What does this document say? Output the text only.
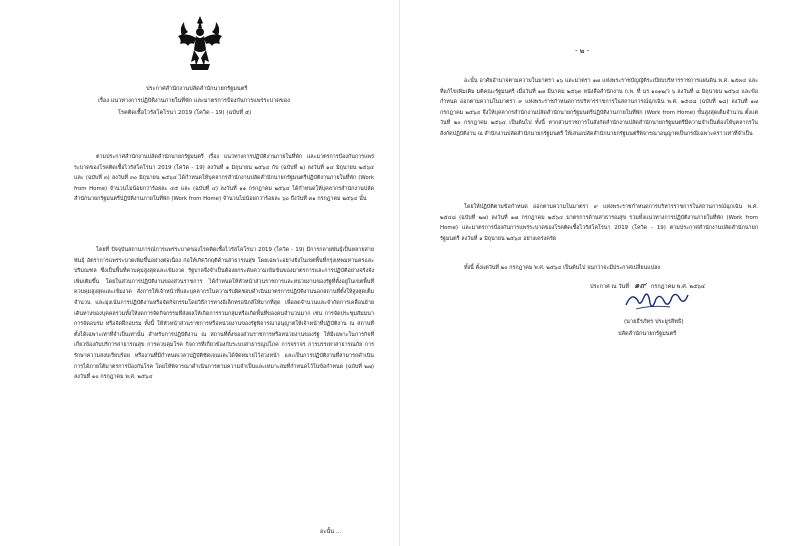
ประกาศสำนักงานปลัดสำนักนายกรัฐมนตรี
เรื่อง แนวทางการปฏิบัติงานภายในที่พัก และมาตรการป้องกันการแพร่ระบาดของ
โรคติดเชื้อไวรัสโคโรนา 2019 (โควิด - 19) (ฉบับที่ ๕)
ตามประกาศสำนักงานปลัดสำนักนายกรัฐมนตรี เรื่อง แนวทางการปฏิบัติงานภายในที่พัก และมาตรการป้องกันการแพร่ระบาดของโรคติดเชื้อไวรัสโคโรนา 2019 (โควิด - 19) ลงวันที่ ๑ มิถุนายน ๒๕๖๔ กับ (ฉบับที่ ๒) ลงวันที่ ๑๔ มิถุนายน ๒๕๖๔ และ (ฉบับที่ ๓) ลงวันที่ ๓๐ มิถุนายน ๒๕๖๔ ได้กำหนดให้บุคลากรสำนักงานปลัดสำนักนายกรัฐมนตรีปฏิบัติงานภายในที่พัก (Work from Home) จำนวนไม่น้อยกว่าร้อยละ ๔๕ และ (ฉบับที่ ๔) ลงวันที่ ๑๑ กรกฎาคม ๒๕๖๔ ได้กำหนดให้บุคลากรสำนักงานปลัดสำนักนายกรัฐมนตรีปฏิบัติงานภายในที่พัก (Work from Home) จำนวนไม่น้อยกว่าร้อยละ ๖๐ ถึงวันที่ ๓๑ กรกฎาคม ๒๕๖๔ นั้น
โดยที่ ปัจจุบันสถานการณ์การแพร่ระบาดของโรคติดเชื้อไวรัสโคโรนา 2019 (โควิด - 19) มีการกลายพันธุ์เป็นหลายสายพันธุ์ อัตราการแพร่ระบาดเพิ่มขึ้นอย่างต่อเนื่อง ก่อให้เกิดวิกฤติด้านสาธารณสุข โดยเฉพาะอย่างยิ่งในเขตพื้นที่กรุงเทพมหานครและปริมณฑล ซึ่งเป็นพื้นที่ควบคุมสูงสุดและเข้มงวด รัฐบาลจึงจำเป็นต้องยกระดับความเข้มข้นของมาตรการและการปฏิบัติอย่างจริงจังเพิ่มเติมขึ้น โดยในส่วนการปฏิบัติงานของส่วนราชการ ได้กำหนดให้หัวหน้าส่วนราชการและหน่วยงานของรัฐที่ตั้งอยู่ในเขตพื้นที่ควบคุมสูงสุดและเข้มงวด สั่งการให้เจ้าหน้าที่และบุคลากรในความรับผิดชอบดำเนินมาตรการปฏิบัติงานนอกสถานที่ตั้งให้สูงสุดเต็มจำนวน และมุ่งเน้นการปฏิบัติงานหรือจัดกิจกรรมโดยวิธีการทางอิเล็กทรอนิกส์ให้มากที่สุด เพื่อลดจำนวนและจำกัดการเคลื่อนย้ายเดินทางของบุคคลรวมทั้งให้งดการจัดกิจกรรมที่ส่งผลให้เกิดการรวมกลุ่มหรือเกิดพื้นที่ของคนจำนวนมาก เช่น การจัดประชุมสัมมนา การจัดอบรม หรือจัดฝึกอบรม ทั้งนี้ ให้หัวหน้าส่วนราชการหรือหน่วยงานของรัฐพิจารณาอนุญาตให้เจ้าหน้าที่ปฏิบัติงาน ณ สถานที่ตั้งได้เฉพาะเท่าที่จำเป็นเท่านั้น สำหรับการปฏิบัติงาน ณ สถานที่ตั้งของส่วนราชการหรือหน่วยงานของรัฐ ให้มีเฉพาะในการกิจที่เกี่ยวข้องกับบริการสาธารณสุข การควบคุมโรค กิจการที่เกี่ยวข้องกับระบบสาธารณูปโภค การจราจร การบรรเทาสาธารณภัย การรักษาความสงบเรียบร้อย หรืองานที่มีกำหนดเวลาปฏิบัติชัดเจนและได้จัดหมายไว้ล่วงหน้า และเป็นการปฏิบัติงานที่สามารถดำเนินการได้ภายใต้มาตรการป้องกันโรค โดยให้พิจารณาดำเนินการตามความจำเป็นและเหมาะสมที่กำหนดไว้ในข้อกำหนด (ฉบับที่ ๒๗) ลงวันที่ ๑๐ กรกฎาคม พ.ศ. ๒๕๖๔
อะนั้น ...
- ๒ -
อะนั้น อาศัยอำนาจตามความในมาตรา ๑๖ และมาตรา ๑๗ แห่งพระราชบัญญัติระเบียบบริหารราชการแผ่นดิน พ.ศ. ๒๕๓๔ และที่แก้ไขเพิ่มเติม มติคณะรัฐมนตรี เมื่อวันที่ ๑๗ มีนาคม ๒๕๖๓ หนังสือสำนักงาน ก.พ. ที่ นร ๑๐๑๒/ว ๖ ลงวันที่ ๘ มิถุนายน ๒๕๖๔ และข้อกำหนด ออกตามความในมาตรา ๙ แห่งพระราชกำหนดการบริหารราชการในสถานการณ์ฉุกเฉิน พ.ศ. ๒๕๔๘ (ฉบับที่ ๒๘) ลงวันที่ ๑๗ กรกฎาคม ๒๕๖๔ จึงให้บุคลากรสำนักงานปลัดสำนักนายกรัฐมนตรีปฏิบัติงานภายในที่พัก (Work from Home) ขั้นสูงสุดเต็มจำนวน ตั้งแต่วันที่ ๒๐ กรกฎาคม ๒๕๖๔ เป็นต้นไป ทั้งนี้ หากส่วนราชการในสังกัดสำนักงานปลัดสำนักนายกรัฐมนตรีมีความจำเป็นต้องให้บุคลากรในสังกัดปฏิบัติงาน ณ สำนักงานปลัดสำนักนายกรัฐมนตรี ให้เสนอปลัดสำนักนายกรัฐมนตรีพิจารณาอนุญาตเป็นกรณีเฉพาะคราวเท่าที่จำเป็น
โดยให้ปฏิบัติตามข้อกำหนด ออกตามความในมาตรา ๙ แห่งพระราชกำหนดการบริหารราชการในสถานการณ์ฉุกเฉิน พ.ศ. ๒๕๔๘ (ฉบับที่ ๒๗) ลงวันที่ ๑๗ กรกฎาคม ๒๕๖๔ มาตรการด้านสาธารณสุข รวมทั้งแนวทางการปฏิบัติงานภายในที่พัก (Work from Home) และมาตรการป้องกันการแพร่ระบาดของโรคติดเชื้อไวรัสโคโรนา 2019 (โควิด - 19) ตามประกาศสำนักงานปลัดสำนักนายกรัฐมนตรี ลงวันที่ ๑ มิถุนายน ๒๕๖๔ อย่างเคร่งครัด
ทั้งนี้ ตั้งแต่วันที่ ๒๐ กรกฎาคม พ.ศ. ๒๕๖๔ เป็นต้นไป จนกว่าจะมีประกาศเปลี่ยนแปลง
ประกาศ ณ วันที่ ๑๙ กรกฎาคม พ.ศ. ๒๕๖๔
(นายธีรภัทร ประยูรสิทธิ)
ปลัดสำนักนายกรัฐมนตรี
